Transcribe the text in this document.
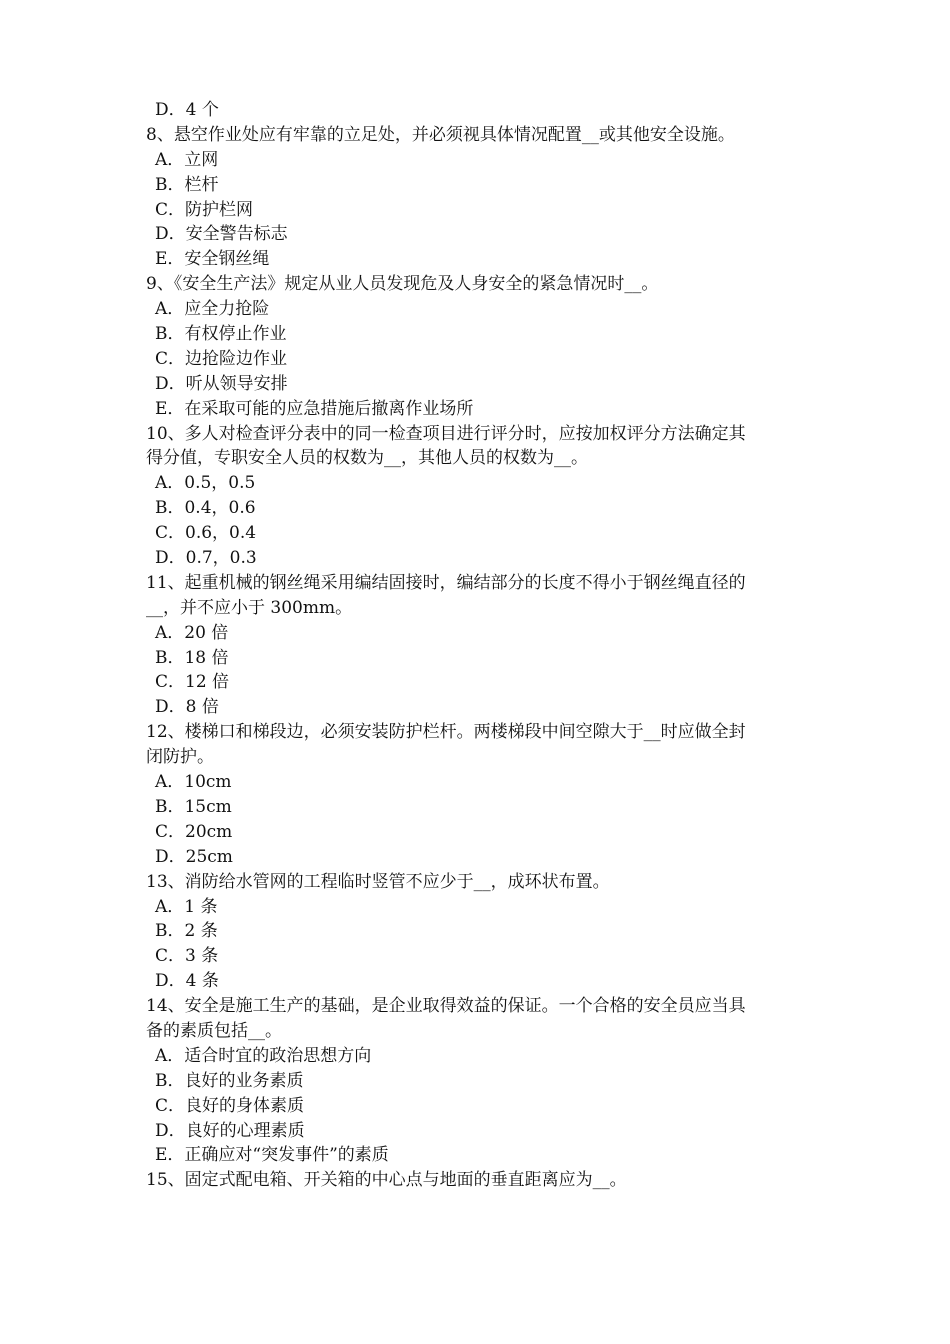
D．4 个
8、悬空作业处应有牢靠的立足处，并必须视具体情况配置__或其他安全设施。
A．立网
B．栏杆
C．防护栏网
D．安全警告标志
E．安全钢丝绳
9、《安全生产法》规定从业人员发现危及人身安全的紧急情况时__。
A．应全力抢险
B．有权停止作业
C．边抢险边作业
D．听从领导安排
E．在采取可能的应急措施后撤离作业场所
10、多人对检查评分表中的同一检查项目进行评分时，应按加权评分方法确定其
得分值，专职安全人员的权数为__，其他人员的权数为__。
A．0.5，0.5
B．0.4，0.6
C．0.6，0.4
D．0.7，0.3
11、起重机械的钢丝绳采用编结固接时，编结部分的长度不得小于钢丝绳直径的
__，并不应小于 300mm。
A．20 倍
B．18 倍
C．12 倍
D．8 倍
12、楼梯口和梯段边，必须安装防护栏杆。两楼梯段中间空隙大于__时应做全封
闭防护。
A．10cm
B．15cm
C．20cm
D．25cm
13、消防给水管网的工程临时竖管不应少于__，成环状布置。
A．1 条
B．2 条
C．3 条
D．4 条
14、安全是施工生产的基础，是企业取得效益的保证。一个合格的安全员应当具
备的素质包括__。
A．适合时宜的政治思想方向
B．良好的业务素质
C．良好的身体素质
D．良好的心理素质
E．正确应对“突发事件”的素质
15、固定式配电箱、开关箱的中心点与地面的垂直距离应为__。
